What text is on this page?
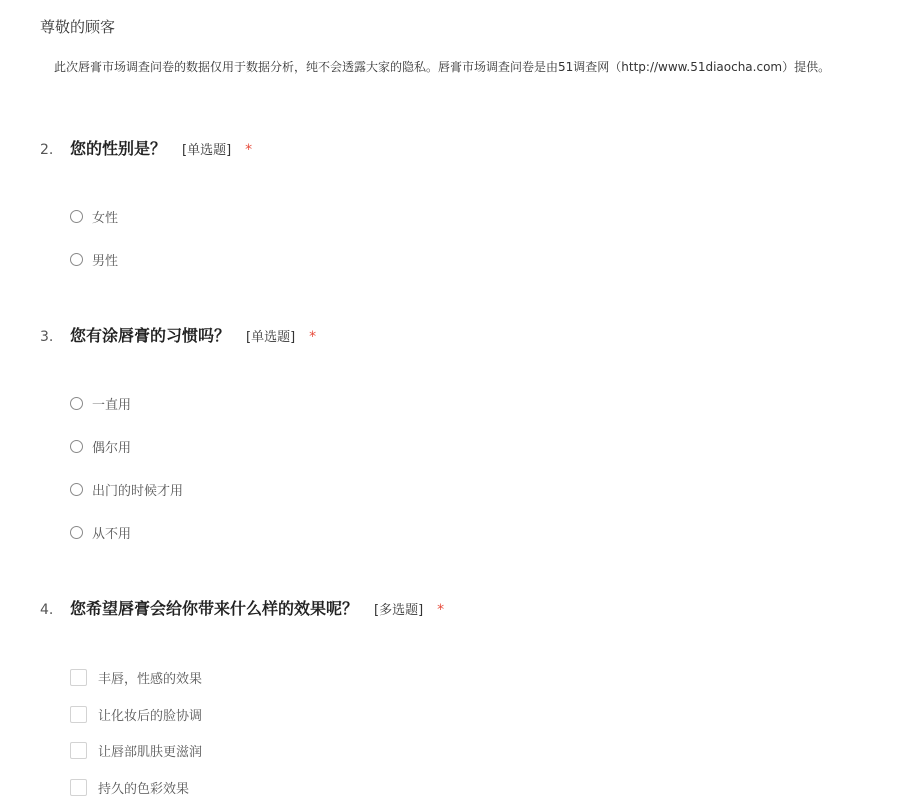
尊敬的顾客
此次唇膏市场调查问卷的数据仅用于数据分析，纯不会透露大家的隐私。唇膏市场调查问卷是由51调查网（http://www.51diaocha.com）提供。
2.	您的性别是？ [单选题] *
女性
男性
3.	您有涂唇膏的习惯吗？ [单选题] *
一直用
偶尔用
出门的时候才用
从不用
4.	您希望唇膏会给你带来什么样的效果呢？ [多选题] *
丰唇，性感的效果
让化妆后的脸协调
让唇部肌肤更滋润
持久的色彩效果
